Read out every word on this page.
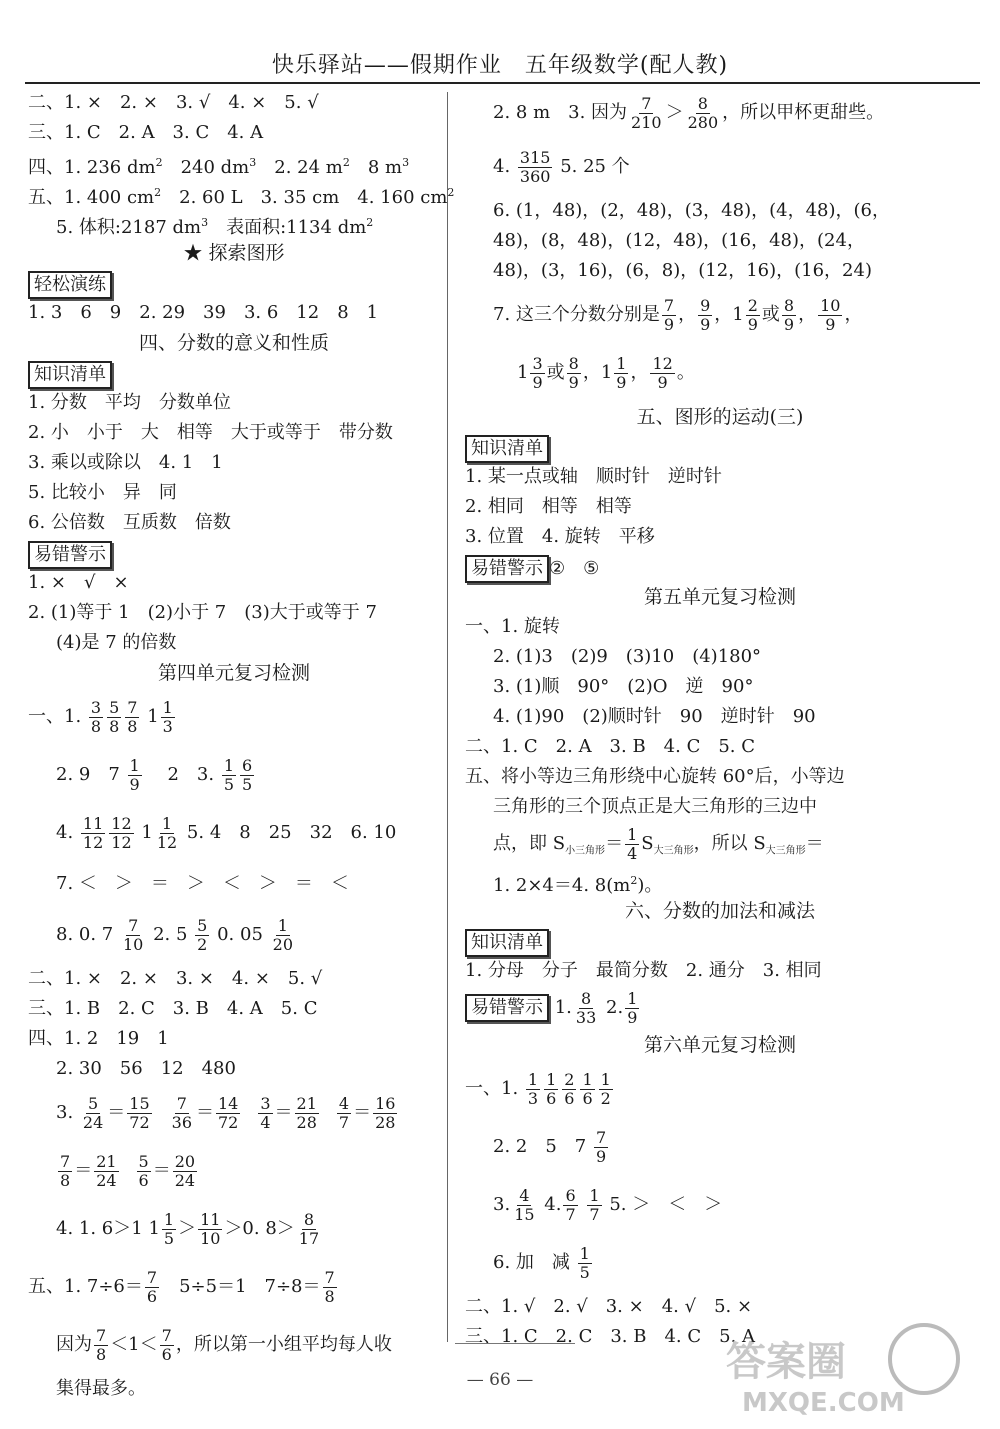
快乐驿站——假期作业　五年级数学(配人教)
二、1. ×　2. ×　3. √　4. ×　5. √
三、1. C　2. A　3. C　4. A
四、1. 236 $dm^2$　240 $dm^3$　2. 24 $m^2$　8 $m^3$
五、1. 400 $cm^2$　2. 60 L　3. 35 cm　4. 160 $cm^2$
5. 体积:2187 $dm^3$　表面积:1134 $dm^2$
★ 探索图形
轻松演练
1. 3　6　9　2. 29　39　3. 6　12　8　1
四、分数的意义和性质
知识清单
1. 分数　平均　分数单位
2. 小　小于　大　相等　大于或等于　带分数
3. 乘以或除以　4. 1　1
5. 比较小　异　同
6. 公倍数　互质数　倍数
易错警示
1. ×　√　×
2. (1)等于 1　(2)小于 7　(3)大于或等于 7
(4)是 7 的倍数
第四单元复习检测
一、1. $\frac{3}{8} \frac{5}{8} \frac{7}{8}$
$1 \frac{1}{3}$
2. 9　$7 \frac{1}{9}$ 　2　3. $\frac{1}{5} \frac{6}{5}$
4. $\frac{11}{12} \frac{12}{12}$
$1 \frac{1}{12} 5$. 4　8　25　32　6. 10
7. ＜　＞　＝　＞　＜　＞　＝　＜
8. 0. $7 \frac{7}{10} 2$. $5 \frac{5}{2} 0$. $05 \frac{1}{20}$
二、1. ×　2. ×　3. ×　4. ×　5. √
三、1. B　2. C　3. B　4. A　5. C
四、1. 2　19　1
2. 30　56　12　480
3. $\frac{5}{24} = \frac{15}{72} \frac{7}{36} = \frac{14}{72} \frac{3}{4} = \frac{21}{28} \frac{4}{7} = \frac{16}{28}$
$\frac{7}{8} = \frac{21}{24} \frac{5}{6} = \frac{20}{24}$
4. 1. 6＞1 $1 \frac{1}{5} > \frac{11}{10} >0$. $8> \frac{8}{17}$
五、1. $7\div 6= \frac{7}{6}$ 　5÷5＝1　$7\div 8= \frac{7}{8}$
因为 $\frac{7}{8} <1< \frac{7}{6}$ ，所以第一小组平均每人收
集得最多。
2. 8 m　3. 因为 $\frac{7}{210} > \frac{8}{280}$ ，所以甲杯更甜些。
4. $\frac{315}{360} 5$. 25 个
6. (1，48)，(2，48)，(3，48)，(4，48)，(6，
48)，(8，48)，(12，48)，(16，48)，(24，
48)，(3，16)，(6，8)，(12，16)，(16，24)
7. 这三个分数分别是 $\frac{7}{9}$ ， $\frac{9}{9}$ ， $1 \frac{2}{9}$ 或 $\frac{8}{9}$ ， $\frac{10}{9}$ ，
$1 \frac{3}{9}$ 或 $\frac{8}{9}$ ， $1 \frac{1}{9}$ ， $\frac{12}{9}$ 。
五、图形的运动(三)
知识清单
1. 某一点或轴　顺时针　逆时针
2. 相同　相等　相等
3. 位置　4. 旋转　平移
易错警示 ②　⑤
第五单元复习检测
一、1. 旋转
2. (1)3　(2)9　(3)10　(4)180°
3. (1)顺　90°　(2)O　逆　90°
4. (1)90　(2)顺时针　90　逆时针　90
二、1. C　2. A　3. B　4. C　5. C
五、将小等边三角形绕中心旋转 60°后，小等边
三角形的三个顶点正是大三角形的三边中
点，即 $S_{小三角形}= \frac{1}{4} S_{大三角形}$，所以 $S_{大三角形}=$
1. 2×4＝4. $8(m^2)$。
六、分数的加法和减法
知识清单
1. 分母　分子　最简分数　2. 通分　3. 相同
易错警示 1. $\frac{8}{33} 2$. $\frac{1}{9}$
第六单元复习检测
一、1. $\frac{1}{3} \frac{1}{6} \frac{2}{6} \frac{1}{6} \frac{1}{2}$
2. 2　5　$7 \frac{7}{9}$
3. $\frac{4}{15} 4$. $\frac{6}{7}$
$\frac{1}{7} 5$. ＞　＜　＞
6. 加　减 $\frac{1}{5}$
二、1. √　2. √　3. ×　4. √　5. ×
三、1. C　2. C　3. B　4. C　5. A
— 66 —	答案圈
MXQE.COM
